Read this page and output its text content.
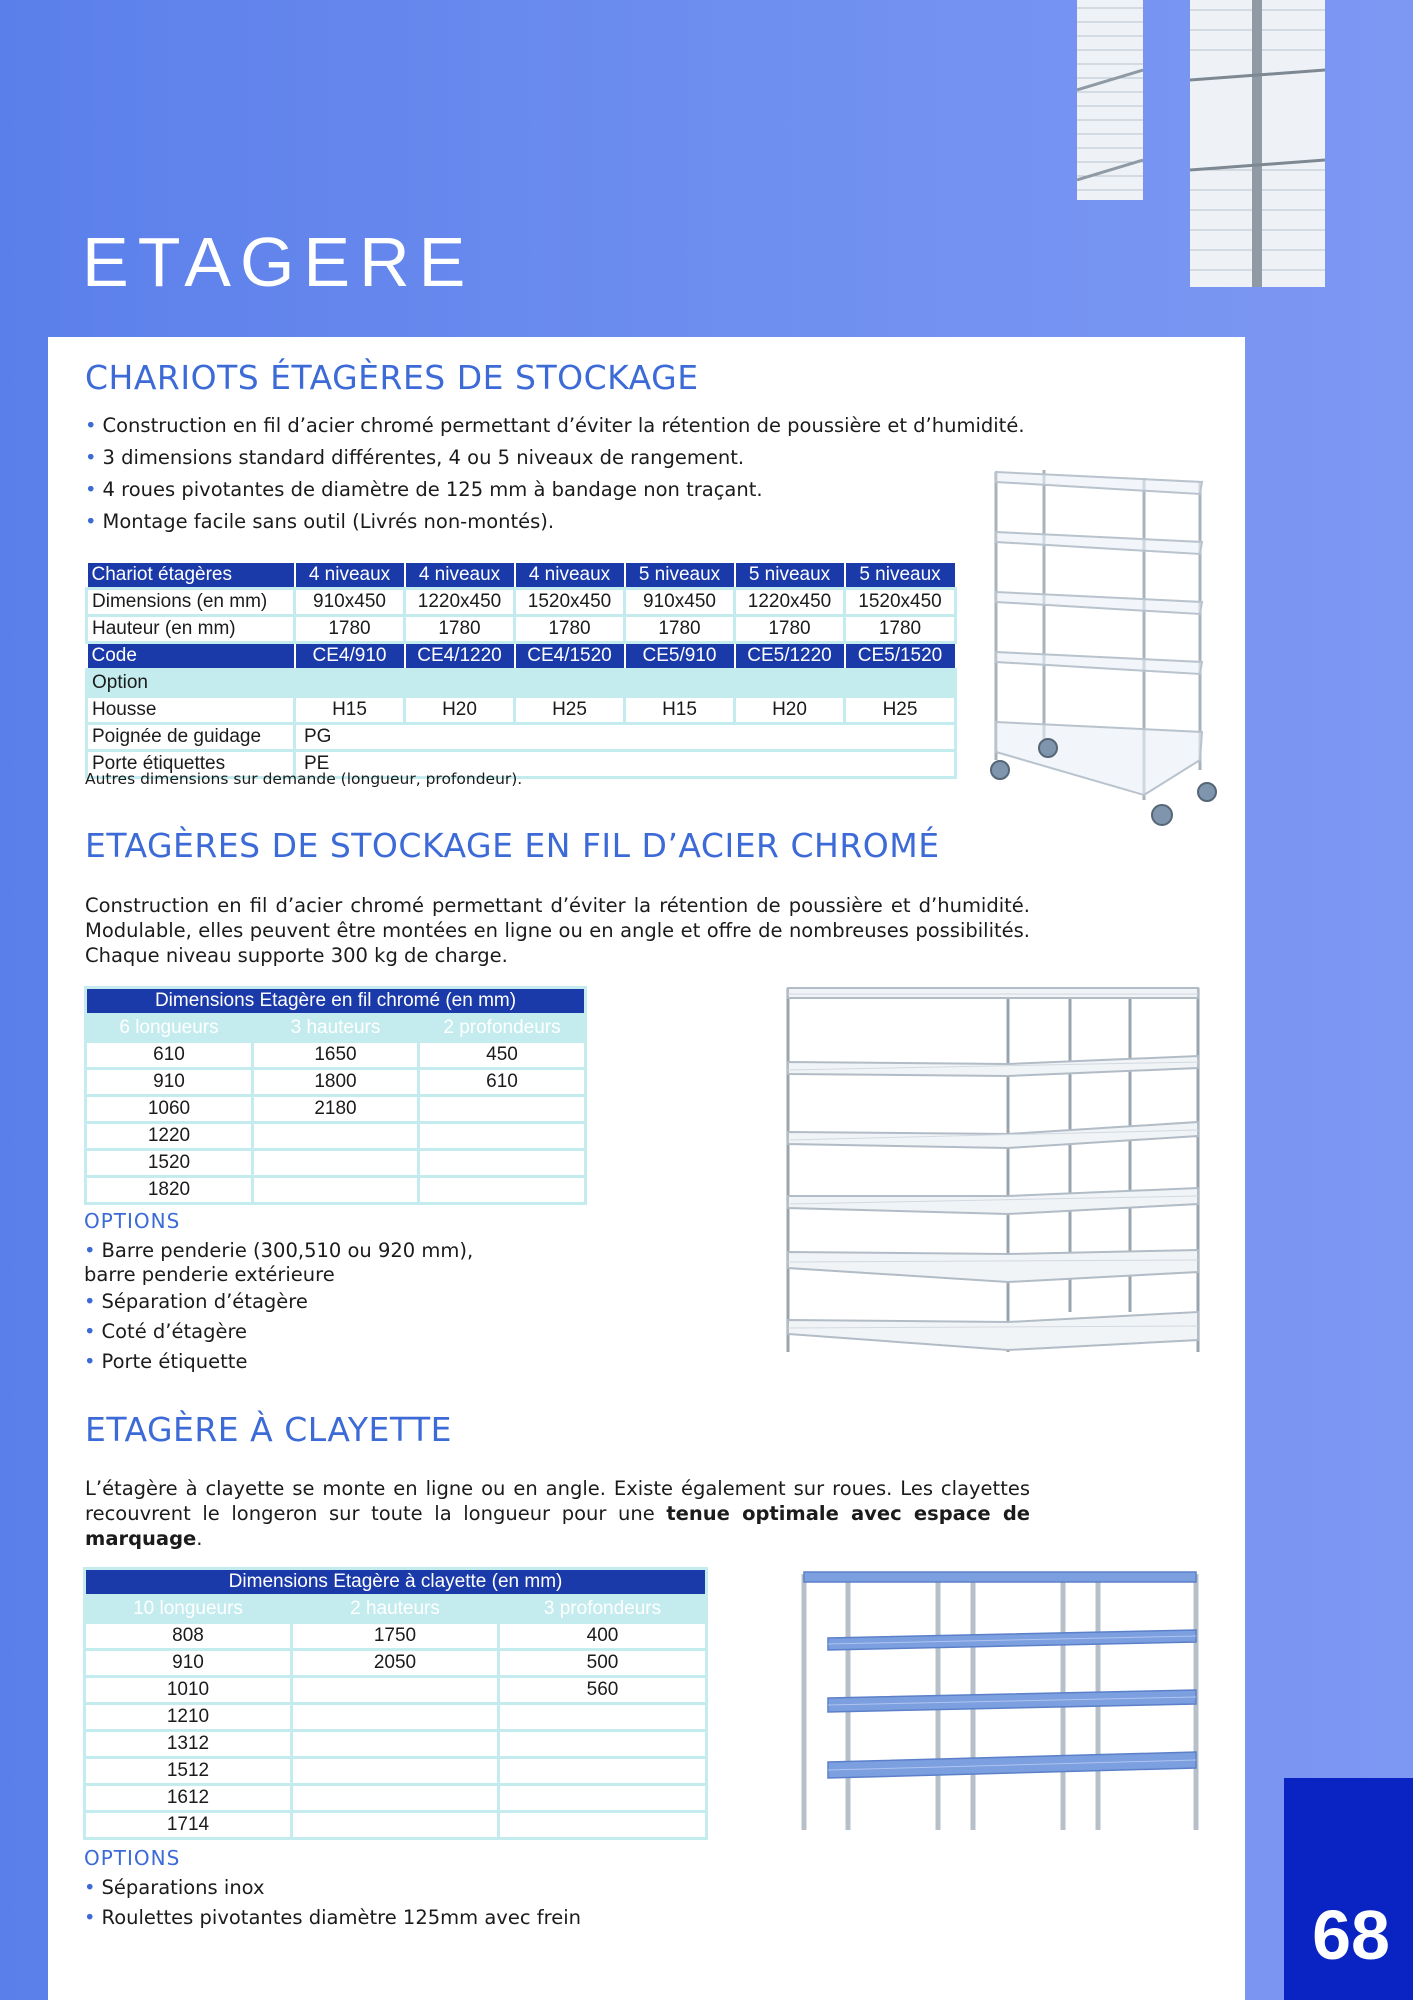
ETAGERE
CHARIOTS ÉTAGÈRES DE STOCKAGE
• Construction en fil d’acier chromé permettant d’éviter la rétention de poussière et d’humidité.
• 3 dimensions standard différentes, 4 ou 5 niveaux de rangement.
• 4 roues pivotantes de diamètre de 125 mm à bandage non traçant.
• Montage facile sans outil (Livrés non-montés).
Chariot étagères	4 niveaux	4 niveaux	4 niveaux	5 niveaux	5 niveaux	5 niveaux
Dimensions (en mm)	910x450	1220x450	1520x450	910x450	1220x450	1520x450
Hauteur (en mm)	1780	1780	1780	1780	1780	1780
Code	CE4/910	CE4/1220	CE4/1520	CE5/910	CE5/1220	CE5/1520
Option						
Housse	H15	H20	H25	H15	H20	H25
Poignée de guidage	PG					
Porte étiquettes	PE					
Autres dimensions sur demande (longueur, profondeur).
ETAGÈRES DE STOCKAGE EN FIL D’ACIER CHROMÉ

Construction en fil d’acier chromé permettant d’éviter la rétention de poussière et d’humidité. Modulable, elles peuvent être montées en ligne ou en angle et offre de nombreuses possibilités. Chaque niveau supporte 300 kg de charge.

Dimensions Etagère en fil chromé (en mm)		
6 longueurs	3 hauteurs	2 profondeurs
610	1650	450
910	1800	610
1060	2180	
1220		
1520		
1820		
OPTIONS
• Barre penderie (300,510 ou 920 mm),
barre penderie extérieure
• Séparation d’étagère
• Coté d’étagère
• Porte étiquette
ETAGÈRE À CLAYETTE

L’étagère à clayette se monte en ligne ou en angle. Existe également sur roues. Les clayettes recouvrent le longeron sur toute la longueur pour une tenue optimale avec espace de marquage.

Dimensions Etagère à clayette (en mm)		
10 longueurs	2 hauteurs	3 profondeurs
808	1750	400
910	2050	500
1010		560
1210		
1312		
1512		
1612		
1714		
OPTIONS
• Séparations inox
• Roulettes pivotantes diamètre 125mm avec frein	68
